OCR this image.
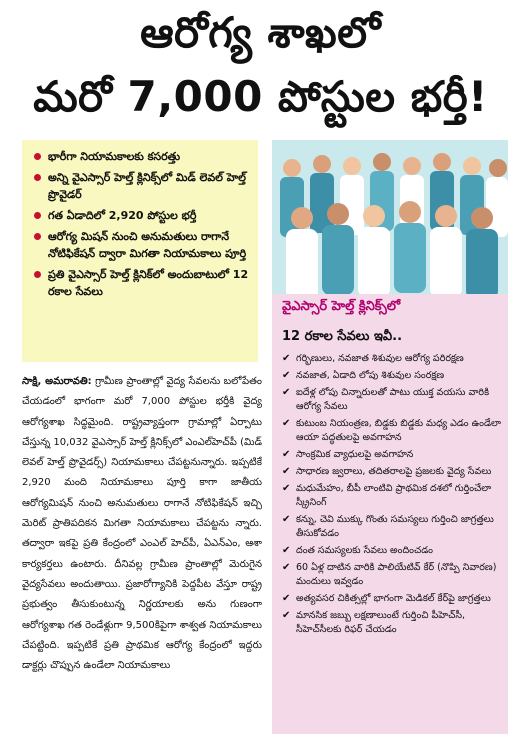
ఆరోగ్య శాఖలో
మరో 7,000 పోస్టుల భర్తీ!
భారీగా నియామకాలకు కసరత్తు
అన్ని వైఎస్సార్ హెల్త్ క్లినిక్స్‌లో మిడ్ లెవల్ హెల్త్ ప్రొవైడర్
గత ఏడాదిలో 2,920 పోస్టుల భర్తీ
ఆరోగ్య మిషన్ నుంచి అనుమతులు రాగానే నోటిఫికేషన్ ద్వారా మిగతా నియామకాలు పూర్తి
ప్రతి వైఎస్సార్ హెల్త్ క్లినిక్‌లో అందుబాటులో 12 రకాల సేవలు
వైఎస్సార్ హెల్త్ క్లినిక్స్‌లో
12 రకాల సేవలు ఇవీ..
✔ గర్భిణులు, నవజాత శిశువుల ఆరోగ్య పరిరక్షణ
✔ నవజాత, ఏడాది లోపు శిశువుల సంరక్షణ
✔ ఐదేళ్ల లోపు చిన్నారులతో పాటు యుక్త వయసు వారికి ఆరోగ్య సేవలు
✔ కుటుంబ నియంత్రణ, బిడ్డకు బిడ్డకు మధ్య ఎడం ఉండేలా ఆయా పద్ధతులపై అవగాహన
✔ సాంక్రమిక వ్యాధులపై అవగాహన
✔ సాధారణ జ్వరాలు, తదితరాలపై ప్రజలకు వైద్య సేవలు
✔ మధుమేహం, బీపీ లాంటివి ప్రాథమిక దశలో గుర్తించేలా స్క్రీనింగ్
✔ కన్ను, చెవి ముక్కు గొంతు సమస్యలు గుర్తించి జాగ్రత్తలు తీసుకోవడం
✔ దంత సమస్యలకు సేవలు అందించడం
✔ 60 ఏళ్ల దాటిన వారికి పాలియేటివ్ కేర్ (నొప్పి నివారణ) మందులు ఇవ్వడం
✔ అత్యవసర చికిత్సల్లో భాగంగా మెడికల్ కేర్‌పై జాగ్రత్తలు
✔ మానసిక జబ్బు లక్షణాలుంటే గుర్తించి పీహెచ్‌సీ, సీహెచ్‌సీలకు రిఫర్ చేయడం
సాక్షి, అమరావతి: గ్రామీణ ప్రాంతాల్లో వైద్య సేవలను బలోపేతం చేయడంలో భాగంగా మరో 7,000 పోస్టుల భర్తీకి వైద్య ఆరోగ్యశాఖ సిద్ధమైంది. రాష్ట్రవ్యాప్తంగా గ్రామాల్లో ఏర్పాటు చేస్తున్న 10,032 వైఎస్సార్ హెల్త్ క్లినిక్స్‌లో ఎంఎల్‌హెచ్‌పీ (మిడ్ లెవల్ హెల్త్ ప్రొవైడర్స్) నియామకాలు చేపట్టనున్నారు. ఇప్పటికే 2,920 మంది నియామకాలు పూర్తి కాగా జాతీయ ఆరోగ్యమిషన్ నుంచి అనుమతులు రాగానే నోటిఫికేషన్ ఇచ్చి మెరిట్ ప్రాతిపదికన మిగతా నియామకాలు చేపట్టను న్నారు. తద్వారా ఇకపై ప్రతి కేంద్రంలో ఎంఎల్ హెచ్‌పీ, ఏఎన్‌ఎం, ఆశా కార్యకర్తలు ఉంటారు. దీనివల్ల గ్రామీణ ప్రాంతాల్లో మెరుగైన వైద్యసేవలు అందుతాయి. ప్రజారోగ్యానికి పెద్దపీట వేస్తూ రాష్ట్ర ప్రభుత్వం తీసుకుంటున్న నిర్ణయాలకు అను గుణంగా ఆరోగ్యశాఖ గత రెండేళ్లుగా 9,500కిపైగా శాశ్వత నియామకాలు చేపట్టింది. ఇప్పటికే ప్రతి ప్రాథమిక ఆరోగ్య కేంద్రంలో ఇద్దరు డాక్టర్లు చొప్పున ఉండేలా నియామకాలు
